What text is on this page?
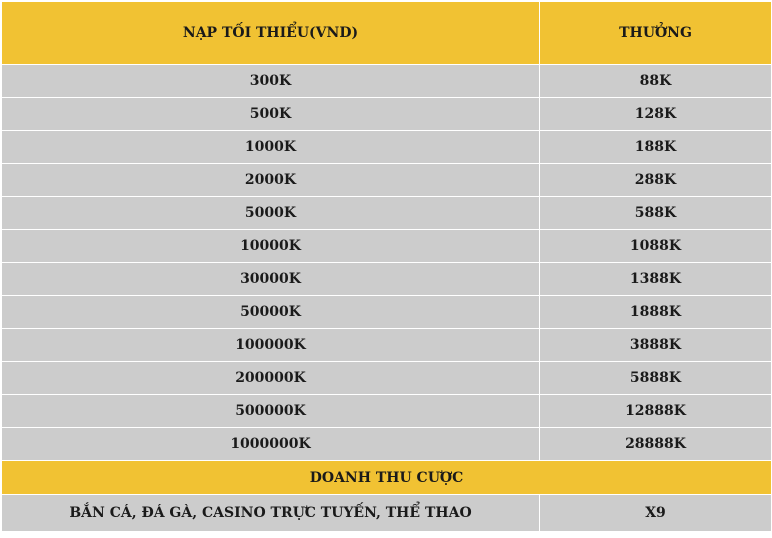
NẠP TỐI THIỂU(VND)	THƯỞNG
300K	88K
500K	128K
1000K	188K
2000K	288K
5000K	588K
10000K	1088K
30000K	1388K
50000K	1888K
100000K	3888K
200000K	5888K
500000K	12888K
1000000K	28888K
DOANH THU CƯỢC	
BẮN CÁ, ĐÁ GÀ, CASINO TRỰC TUYẾN, THỂ THAO	X9
